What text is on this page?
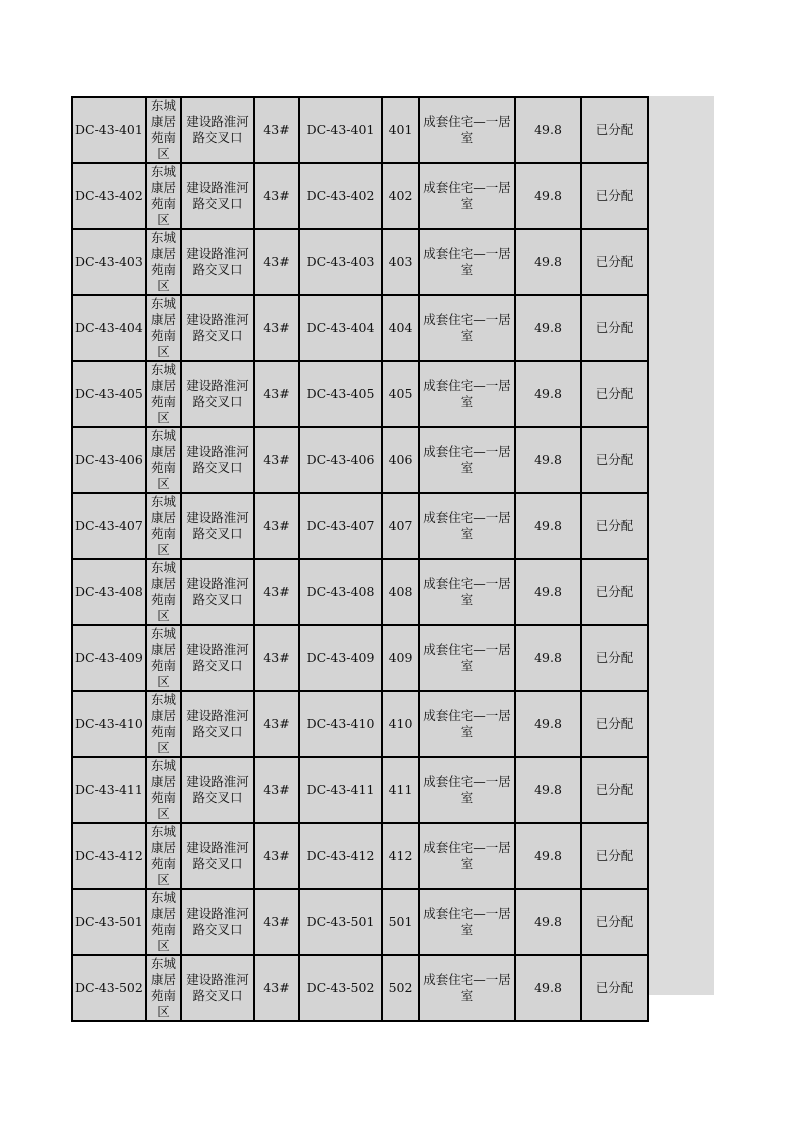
DC-43-401	东城康居苑南区	建设路淮河路交叉口	43#	DC-43-401	401	成套住宅—一居室	49.8	已分配
DC-43-402	东城康居苑南区	建设路淮河路交叉口	43#	DC-43-402	402	成套住宅—一居室	49.8	已分配
DC-43-403	东城康居苑南区	建设路淮河路交叉口	43#	DC-43-403	403	成套住宅—一居室	49.8	已分配
DC-43-404	东城康居苑南区	建设路淮河路交叉口	43#	DC-43-404	404	成套住宅—一居室	49.8	已分配
DC-43-405	东城康居苑南区	建设路淮河路交叉口	43#	DC-43-405	405	成套住宅—一居室	49.8	已分配
DC-43-406	东城康居苑南区	建设路淮河路交叉口	43#	DC-43-406	406	成套住宅—一居室	49.8	已分配
DC-43-407	东城康居苑南区	建设路淮河路交叉口	43#	DC-43-407	407	成套住宅—一居室	49.8	已分配
DC-43-408	东城康居苑南区	建设路淮河路交叉口	43#	DC-43-408	408	成套住宅—一居室	49.8	已分配
DC-43-409	东城康居苑南区	建设路淮河路交叉口	43#	DC-43-409	409	成套住宅—一居室	49.8	已分配
DC-43-410	东城康居苑南区	建设路淮河路交叉口	43#	DC-43-410	410	成套住宅—一居室	49.8	已分配
DC-43-411	东城康居苑南区	建设路淮河路交叉口	43#	DC-43-411	411	成套住宅—一居室	49.8	已分配
DC-43-412	东城康居苑南区	建设路淮河路交叉口	43#	DC-43-412	412	成套住宅—一居室	49.8	已分配
DC-43-501	东城康居苑南区	建设路淮河路交叉口	43#	DC-43-501	501	成套住宅—一居室	49.8	已分配
DC-43-502	东城康居苑南区	建设路淮河路交叉口	43#	DC-43-502	502	成套住宅—一居室	49.8	已分配
